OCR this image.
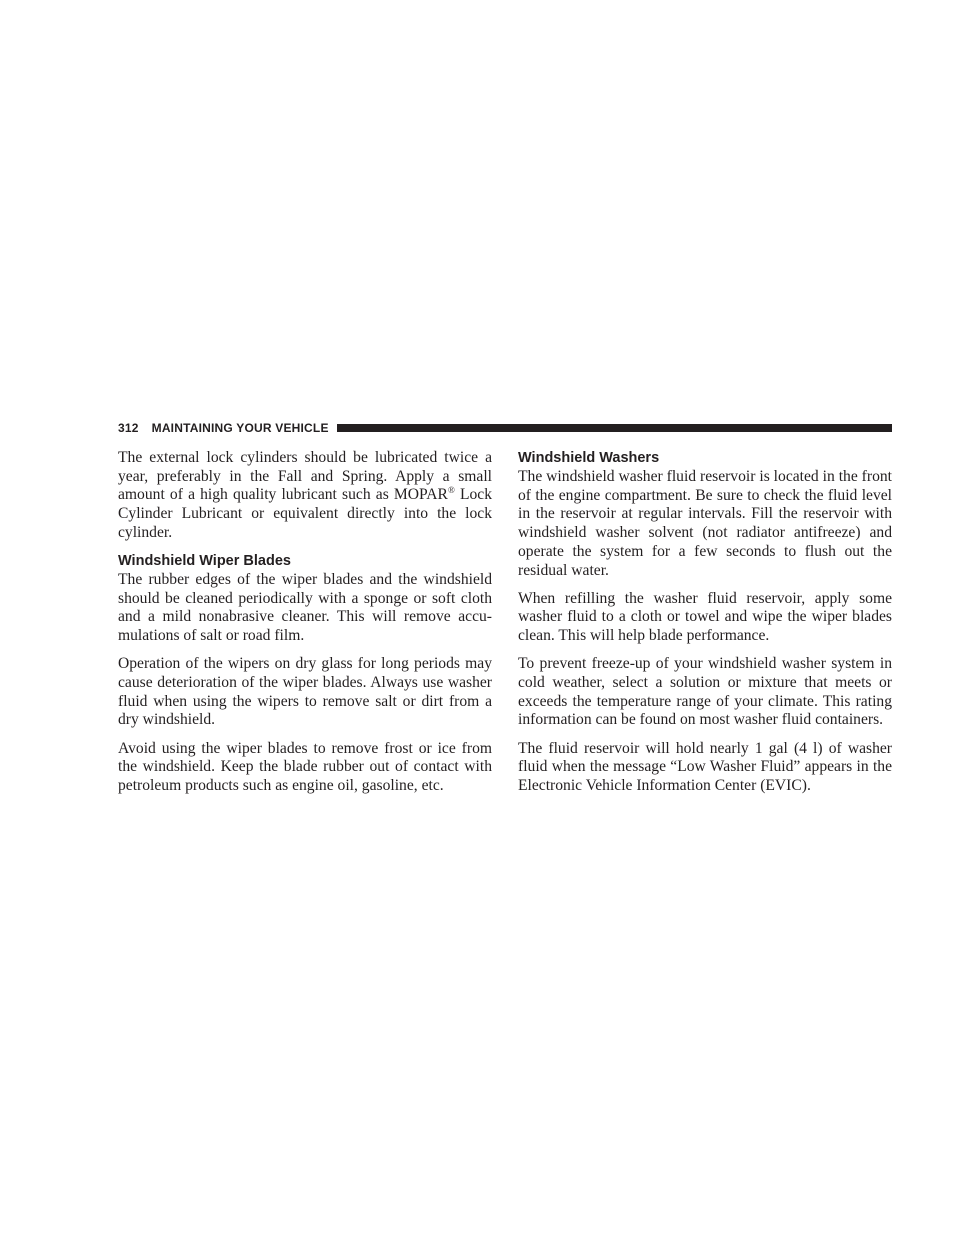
312 MAINTAINING YOUR VEHICLE

The external lock cylinders should be lubricated twice a year, preferably in the Fall and Spring. Apply a small amount of a high quality lubricant such as MOPAR® Lock Cylinder Lubricant or equivalent directly into the lock cylinder.

Windshield Wiper Blades

The rubber edges of the wiper blades and the windshield should be cleaned periodically with a sponge or soft cloth and a mild nonabrasive cleaner. This will remove accu-mulations of salt or road film.

Operation of the wipers on dry glass for long periods may cause deterioration of the wiper blades. Always use washer fluid when using the wipers to remove salt or dirt from a dry windshield.

Avoid using the wiper blades to remove frost or ice from the windshield. Keep the blade rubber out of contact with petroleum products such as engine oil, gasoline, etc.

Windshield Washers

The windshield washer fluid reservoir is located in the front of the engine compartment. Be sure to check the fluid level in the reservoir at regular intervals. Fill the reservoir with windshield washer solvent (not radiator antifreeze) and operate the system for a few seconds to flush out the residual water.

When refilling the washer fluid reservoir, apply some washer fluid to a cloth or towel and wipe the wiper blades clean. This will help blade performance.

To prevent freeze-up of your windshield washer system in cold weather, select a solution or mixture that meets or exceeds the temperature range of your climate. This rating information can be found on most washer fluid containers.

The fluid reservoir will hold nearly 1 gal (4 l) of washer fluid when the message “Low Washer Fluid” appears in the Electronic Vehicle Information Center (EVIC).
